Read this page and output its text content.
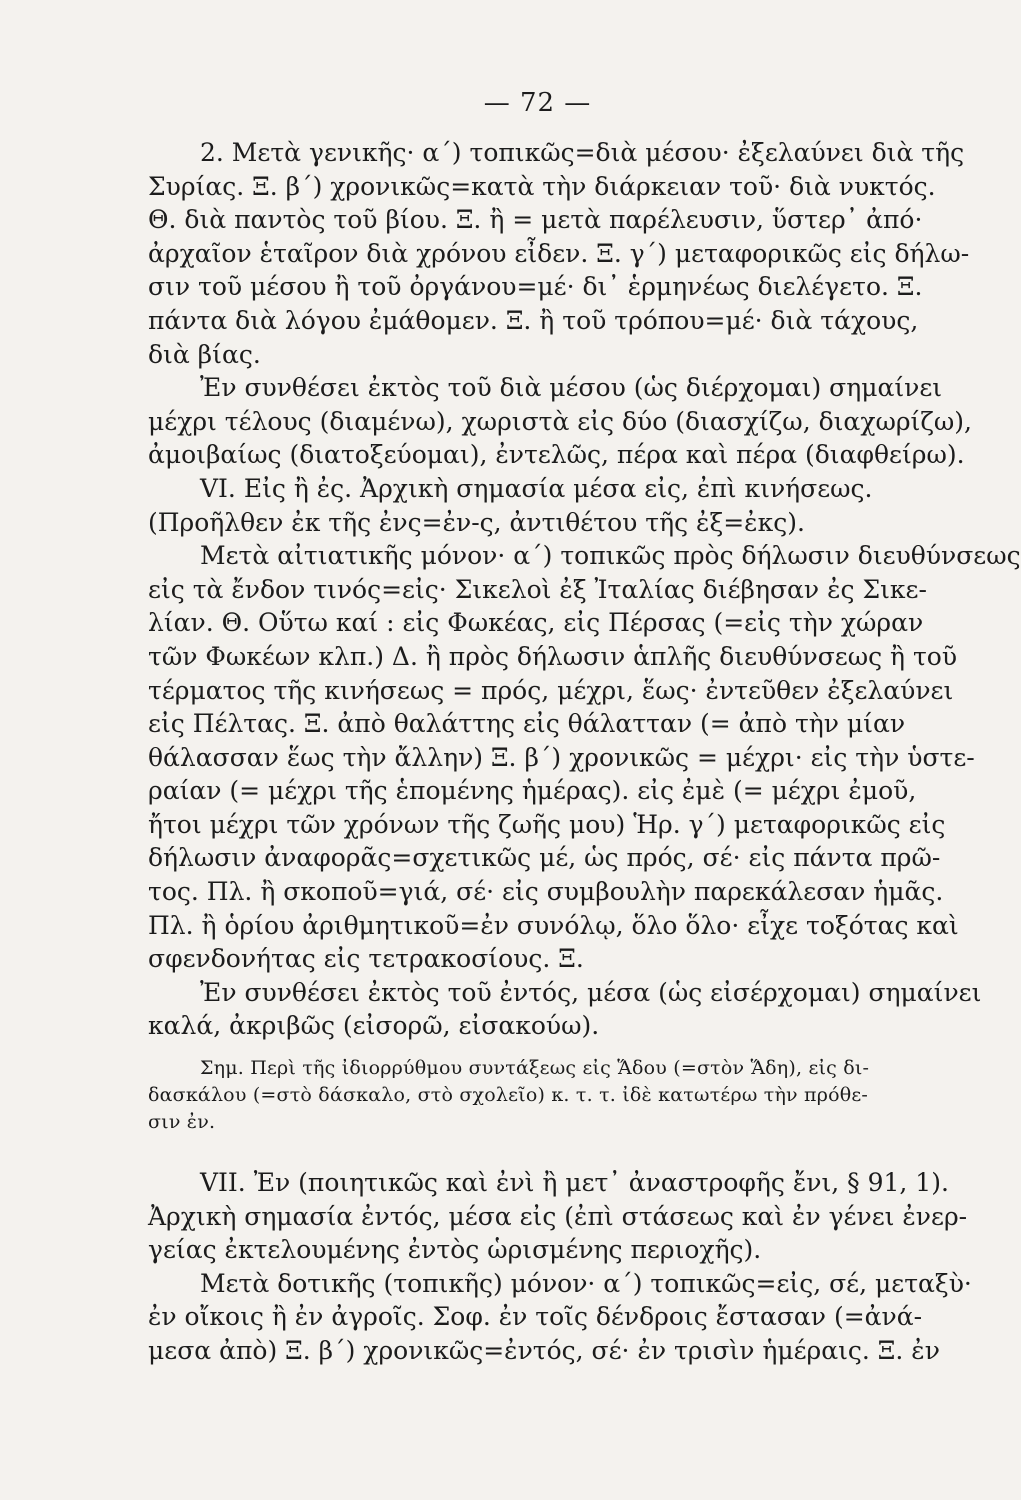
— 72 —
2. Μετὰ γενικῆς· α΄) τοπικῶς=διὰ μέσου· ἐξελαύνει διὰ τῆς
Συρίας. Ξ. β΄) χρονικῶς=κατὰ τὴν διάρκειαν τοῦ· διὰ νυκτός.
Θ. διὰ παντὸς τοῦ βίου. Ξ. ἢ = μετὰ παρέλευσιν, ὕστερ᾽ ἀπό·
ἀρχαῖον ἑταῖρον διὰ χρόνου εἶδεν. Ξ. γ΄) μεταφορικῶς εἰς δήλω-
σιν τοῦ μέσου ἢ τοῦ ὀργάνου=μέ· δι᾽ ἑρμηνέως διελέγετο. Ξ.
πάντα διὰ λόγου ἐμάθομεν. Ξ. ἢ τοῦ τρόπου=μέ· διὰ τάχους,
διὰ βίας.
Ἐν συνθέσει ἐκτὸς τοῦ διὰ μέσου (ὡς διέρχομαι) σημαίνει
μέχρι τέλους (διαμένω), χωριστὰ εἰς δύο (διασχίζω, διαχωρίζω),
ἀμοιβαίως (διατοξεύομαι), ἐντελῶς, πέρα καὶ πέρα (διαφθείρω).
VI. Εἰς ἢ ἐς. Ἀρχικὴ σημασία μέσα εἰς, ἐπὶ κινήσεως.
(Προῆλθεν ἐκ τῆς ἐνς=ἐν-ς, ἀντιθέτου τῆς ἐξ=ἐκς).
Μετὰ αἰτιατικῆς μόνον· α΄) τοπικῶς πρὸς δήλωσιν διευθύνσεως
εἰς τὰ ἔνδον τινός=εἰς· Σικελοὶ ἐξ Ἰταλίας διέβησαν ἐς Σικε-
λίαν. Θ. Οὕτω καί : εἰς Φωκέας, εἰς Πέρσας (=εἰς τὴν χώραν
τῶν Φωκέων κλπ.) Δ. ἢ πρὸς δήλωσιν ἁπλῆς διευθύνσεως ἢ τοῦ
τέρματος τῆς κινήσεως = πρός, μέχρι, ἕως· ἐντεῦθεν ἐξελαύνει
εἰς Πέλτας. Ξ. ἀπὸ θαλάττης εἰς θάλατταν (= ἀπὸ τὴν μίαν
θάλασσαν ἕως τὴν ἄλλην) Ξ. β΄) χρονικῶς = μέχρι· εἰς τὴν ὑστε-
ραίαν (= μέχρι τῆς ἑπομένης ἡμέρας). εἰς ἐμὲ (= μέχρι ἐμοῦ,
ἤτοι μέχρι τῶν χρόνων τῆς ζωῆς μου) Ἡρ. γ΄) μεταφορικῶς εἰς
δήλωσιν ἀναφορᾶς=σχετικῶς μέ, ὡς πρός, σέ· εἰς πάντα πρῶ-
τος. Πλ. ἢ σκοποῦ=γιά, σέ· εἰς συμβουλὴν παρεκάλεσαν ἡμᾶς.
Πλ. ἢ ὁρίου ἀριθμητικοῦ=ἐν συνόλῳ, ὅλο ὅλο· εἶχε τοξότας καὶ
σφενδονήτας εἰς τετρακοσίους. Ξ.
Ἐν συνθέσει ἐκτὸς τοῦ ἐντός, μέσα (ὡς εἰσέρχομαι) σημαίνει
καλά, ἀκριβῶς (εἰσορῶ, εἰσακούω).
Σημ. Περὶ τῆς ἰδιορρύθμου συντάξεως εἰς Ἅδου (=στὸν Ἅδη), εἰς δι-
δασκάλου (=στὸ δάσκαλο, στὸ σχολεῖο) κ. τ. τ. ἰδὲ κατωτέρω τὴν πρόθε-
σιν ἐν.
VII. Ἐν (ποιητικῶς καὶ ἐνὶ ἢ μετ᾽ ἀναστροφῆς ἔνι, § 91, 1).
Ἀρχικὴ σημασία ἐντός, μέσα εἰς (ἐπὶ στάσεως καὶ ἐν γένει ἐνερ-
γείας ἐκτελουμένης ἐντὸς ὡρισμένης περιοχῆς).
Μετὰ δοτικῆς (τοπικῆς) μόνον· α΄) τοπικῶς=εἰς, σέ, μεταξὺ·
ἐν οἴκοις ἢ ἐν ἀγροῖς. Σοφ. ἐν τοῖς δένδροις ἔστασαν (=ἀνά-
μεσα ἀπὸ) Ξ. β΄) χρονικῶς=ἐντός, σέ· ἐν τρισὶν ἡμέραις. Ξ. ἐν
